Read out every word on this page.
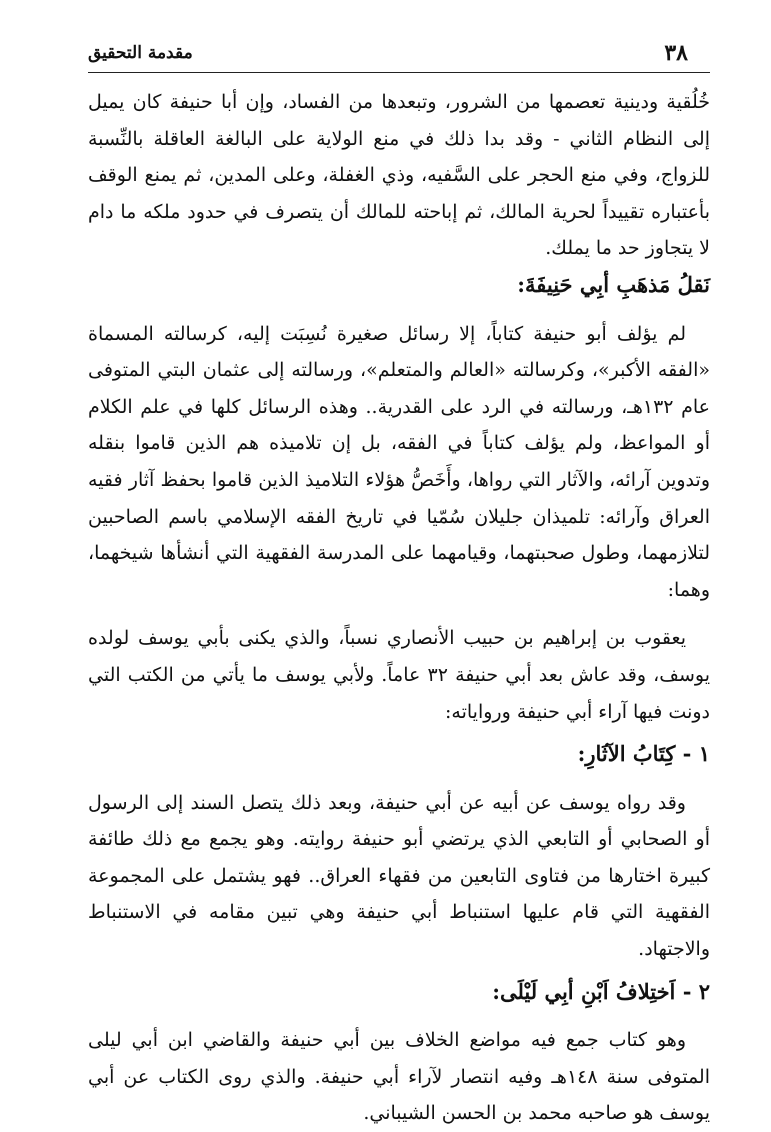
٣٨
مقدمة التحقيق

خُلُقية ودينية تعصمها من الشرور، وتبعدها من الفساد، وإن أبا حنيفة كان يميل إلى النظام الثاني - وقد بدا ذلك في منع الولاية على البالغة العاقلة بالنِّسبة للزواج، وفي منع الحجر على السَّفيه، وذي الغفلة، وعلى المدين، ثم يمنع الوقف بأعتباره تقييداً لحرية المالك، ثم إباحته للمالك أن يتصرف في حدود ملكه ما دام لا يتجاوز حد ما يملك.

نَقلُ مَذهَبِ أبِي حَنِيفَةَ:

لم يؤلف أبو حنيفة كتاباً، إلا رسائل صغيرة نُسِبَت إليه، كرسالته المسماة «الفقه الأكبر»، وكرسالته «العالم والمتعلم»، ورسالته إلى عثمان البتي المتوفى عام ١٣٢هـ، ورسالته في الرد على القدرية.. وهذه الرسائل كلها في علم الكلام أو المواعظ، ولم يؤلف كتاباً في الفقه، بل إن تلاميذه هم الذين قاموا بنقله وتدوين آرائه، والآثار التي رواها، وأَخَصُّ هؤلاء التلاميذ الذين قاموا بحفظ آثار فقيه العراق وآرائه: تلميذان جليلان سُمّيا في تاريخ الفقه الإسلامي باسم الصاحبين لتلازمهما، وطول صحبتهما، وقيامهما على المدرسة الفقهية التي أنشأها شيخهما، وهما:

يعقوب بن إبراهيم بن حبيب الأنصاري نسباً، والذي يكنى بأبي يوسف لولده يوسف، وقد عاش بعد أبي حنيفة ٣٢ عاماً. ولأبي يوسف ما يأتي من الكتب التي دونت فيها آراء أبي حنيفة ورواياته:

١ - كِتَابُ الآثَارِ:

وقد رواه يوسف عن أبيه عن أبي حنيفة، وبعد ذلك يتصل السند إلى الرسول أو الصحابي أو التابعي الذي يرتضي أبو حنيفة روايته. وهو يجمع مع ذلك طائفة كبيرة اختارها من فتاوى التابعين من فقهاء العراق.. فهو يشتمل على المجموعة الفقهية التي قام عليها استنباط أبي حنيفة وهي تبين مقامه في الاستنباط والاجتهاد.

٢ - اَختِلافُ اَبْنِ أبِي لَيْلَى:

وهو كتاب جمع فيه مواضع الخلاف بين أبي حنيفة والقاضي ابن أبي ليلى المتوفى سنة ١٤٨هـ وفيه انتصار لآراء أبي حنيفة. والذي روى الكتاب عن أبي يوسف هو صاحبه محمد بن الحسن الشيباني.
